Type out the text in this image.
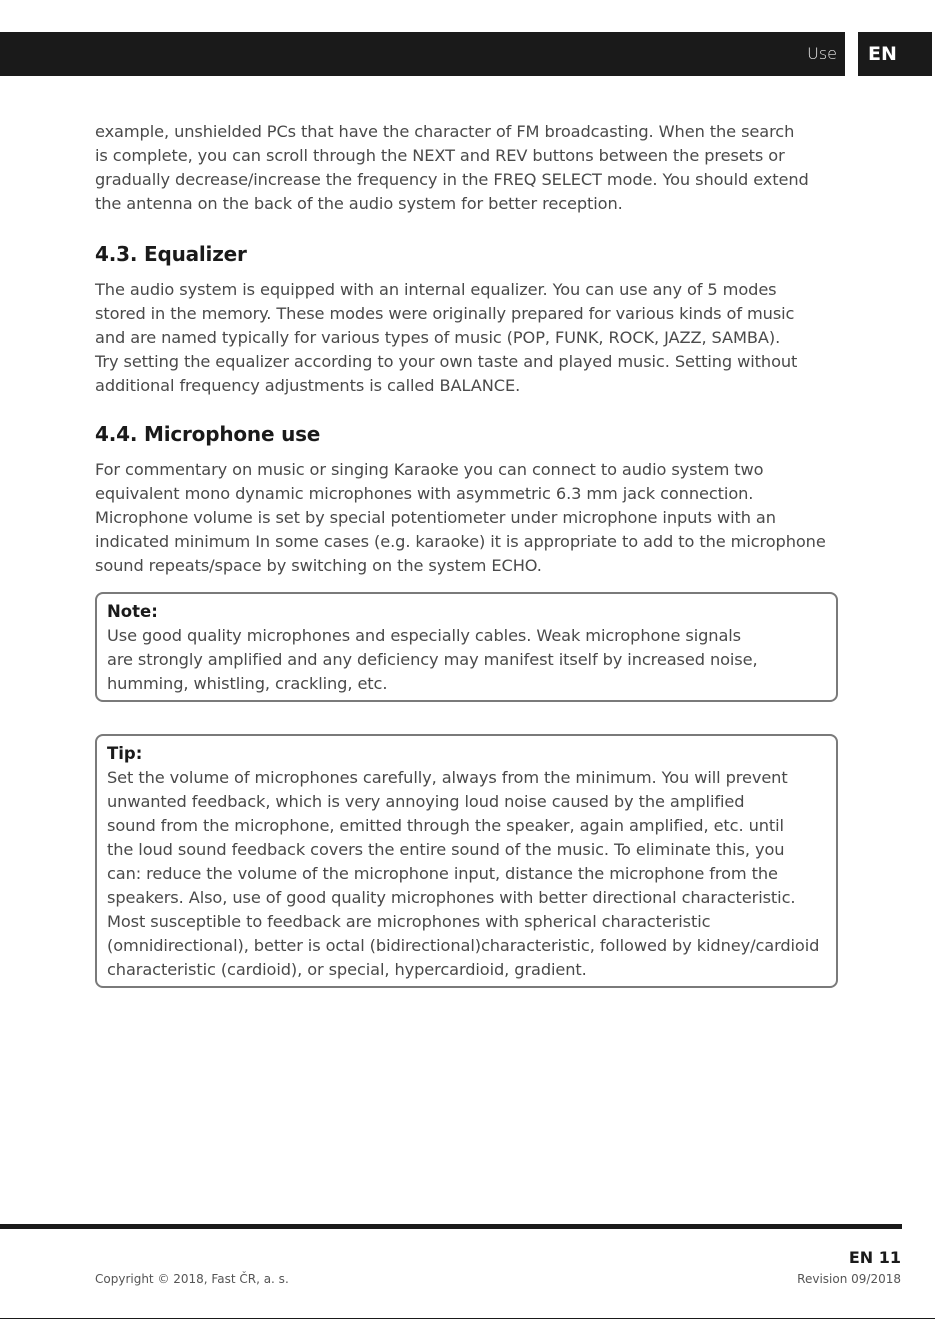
Use	EN

example, unshielded PCs that have the character of FM broadcasting. When the search
is complete, you can scroll through the NEXT and REV buttons between the presets or
gradually decrease/increase the frequency in the FREQ SELECT mode. You should extend
the antenna on the back of the audio system for better reception.

4.3. Equalizer

The audio system is equipped with an internal equalizer. You can use any of 5 modes
stored in the memory. These modes were originally prepared for various kinds of music
and are named typically for various types of music (POP, FUNK, ROCK, JAZZ, SAMBA).
Try setting the equalizer according to your own taste and played music. Setting without
additional frequency adjustments is called BALANCE.

4.4. Microphone use

For commentary on music or singing Karaoke you can connect to audio system two
equivalent mono dynamic microphones with asymmetric 6.3 mm jack connection.
Microphone volume is set by special potentiometer under microphone inputs with an
indicated minimum In some cases (e.g. karaoke) it is appropriate to add to the microphone
sound repeats/space by switching on the system ECHO.

Note:

Use good quality microphones and especially cables. Weak microphone signals
are strongly amplified and any deficiency may manifest itself by increased noise,
humming, whistling, crackling, etc.

Tip:

Set the volume of microphones carefully, always from the minimum. You will prevent
unwanted feedback, which is very annoying loud noise caused by the amplified
sound from the microphone, emitted through the speaker, again amplified, etc. until
the loud sound feedback covers the entire sound of the music. To eliminate this, you
can: reduce the volume of the microphone input, distance the microphone from the
speakers. Also, use of good quality microphones with better directional characteristic.
Most susceptible to feedback are microphones with spherical characteristic
(omnidirectional), better is octal (bidirectional)characteristic, followed by kidney/cardioid
characteristic (cardioid), or special, hypercardioid, gradient.

Copyright © 2018, Fast ČR, a. s.
EN 11
Revision 09/2018
